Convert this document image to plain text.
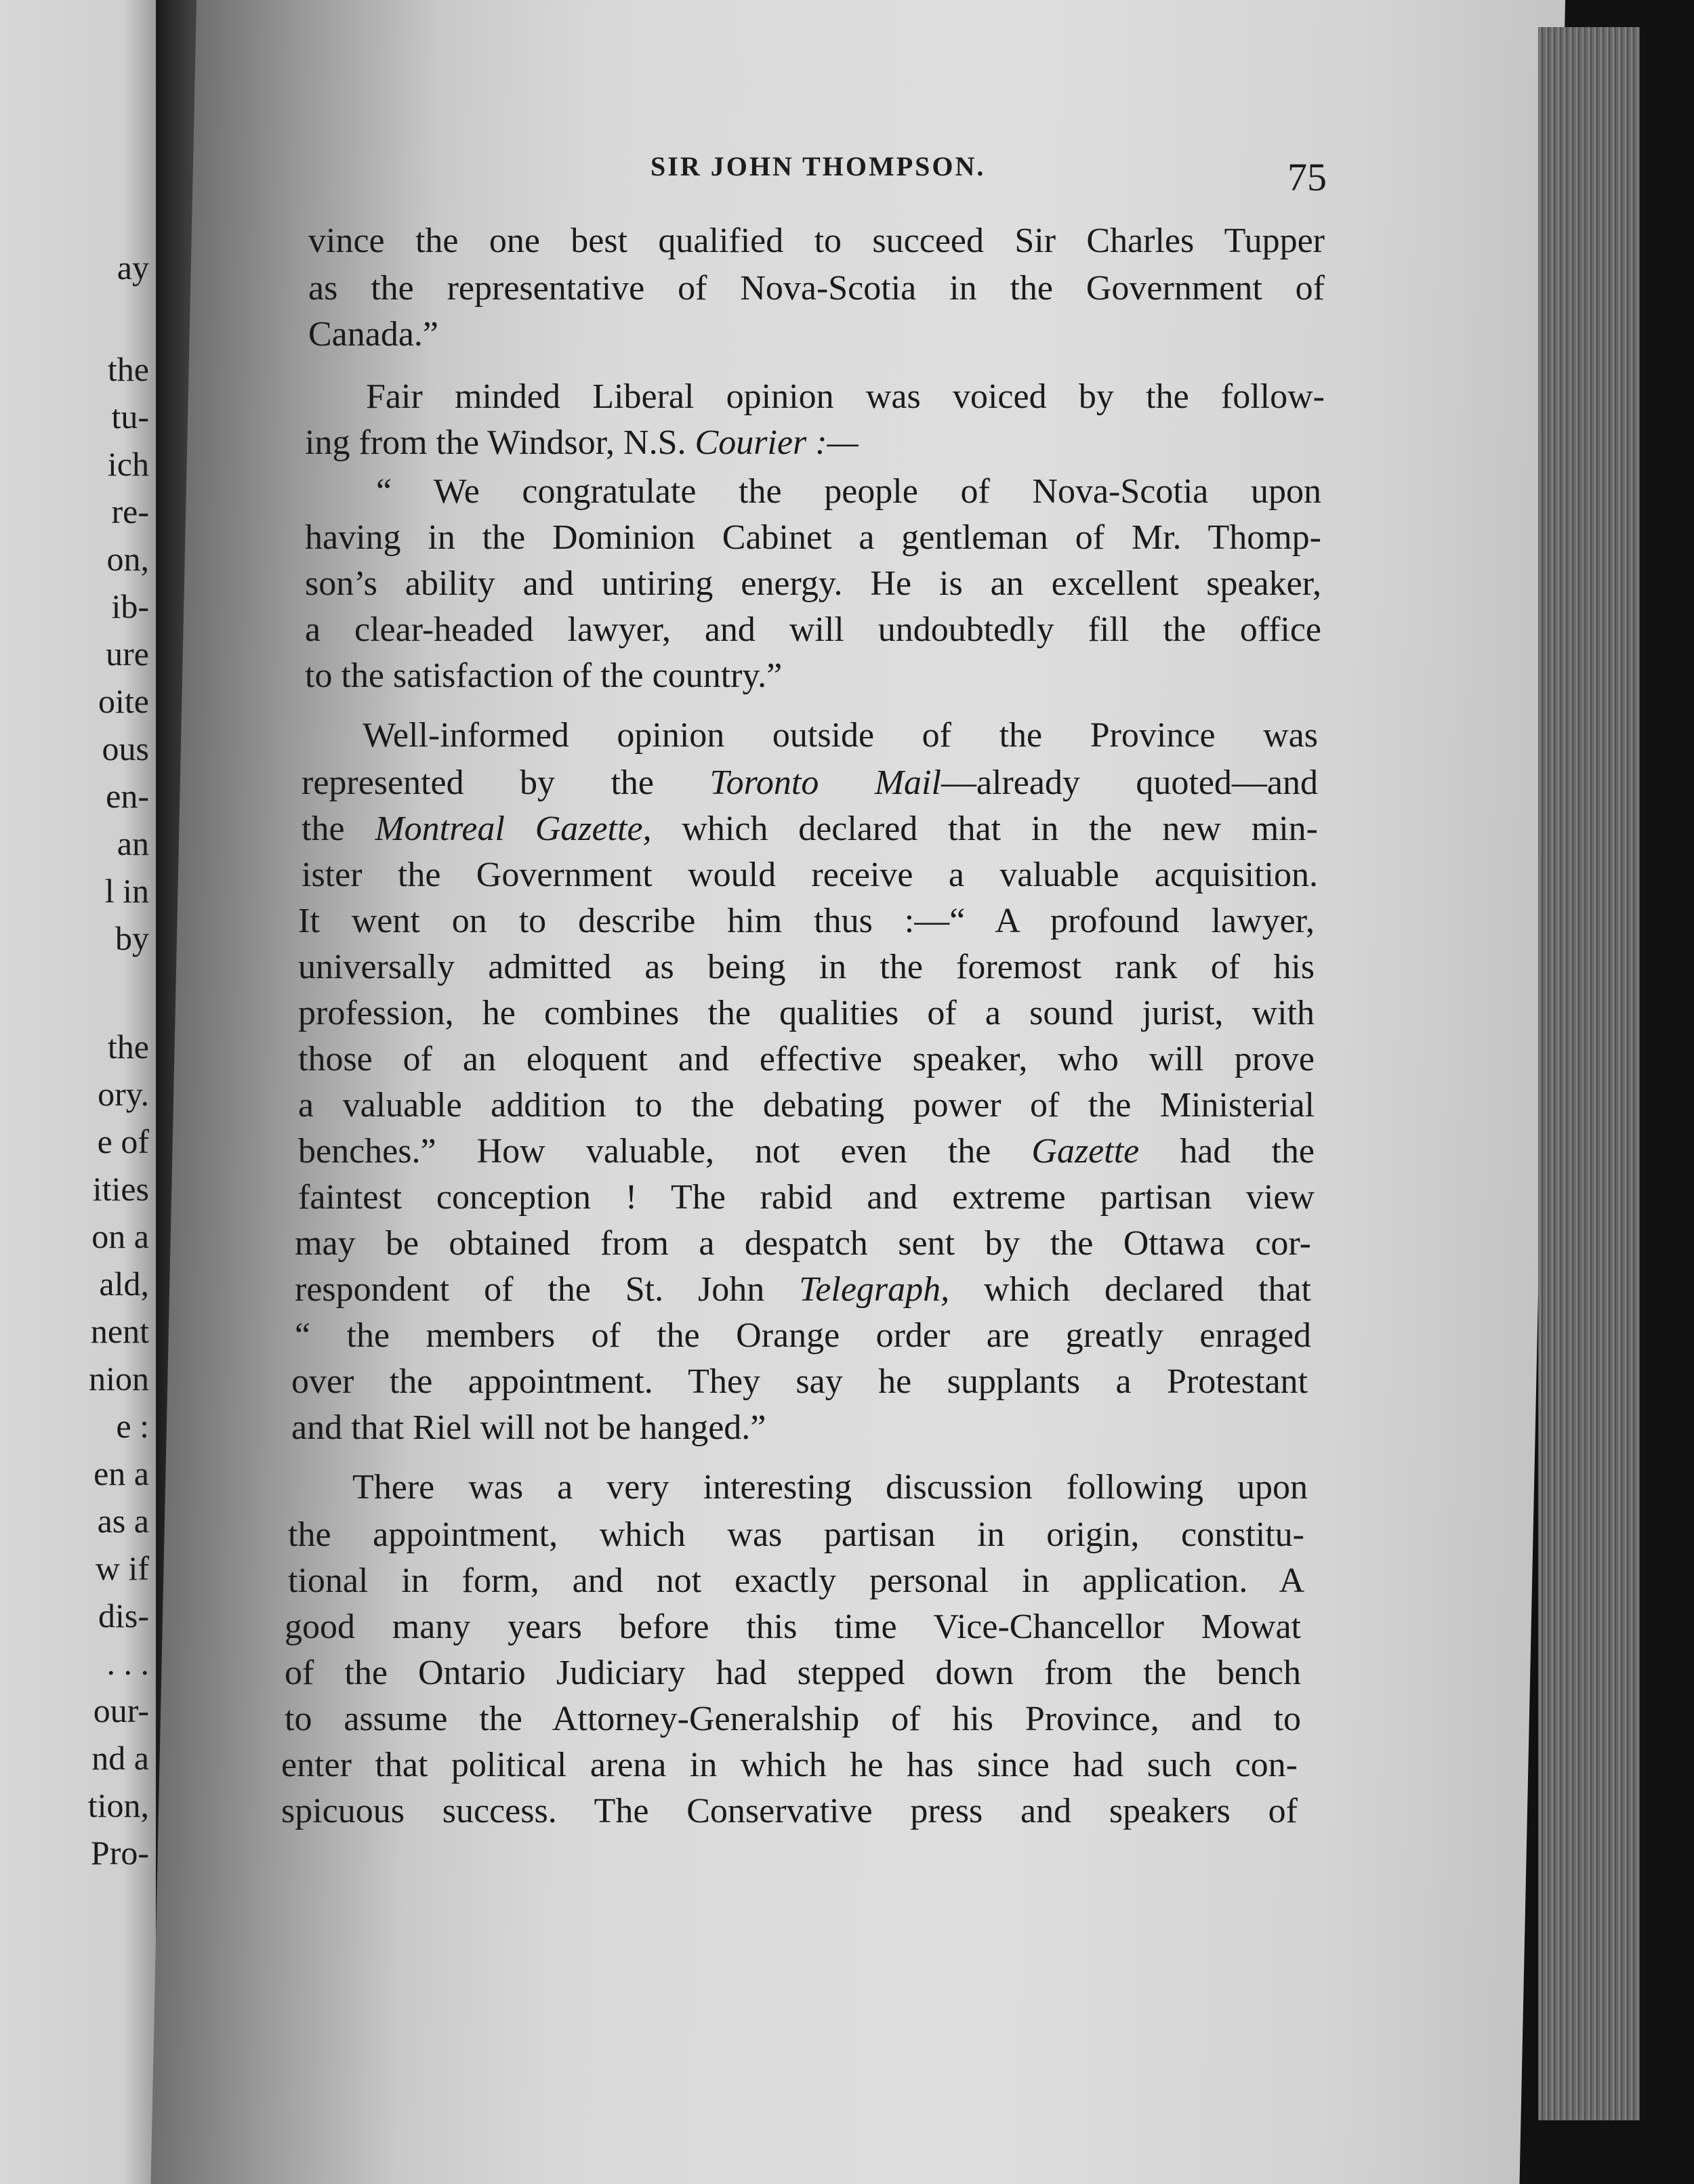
ay
the
tu-
ich
re-
on,
ib-
ure
oite
ous
en-
an
l in
by
the
ory.
e of
ities
on a
ald,
nent
nion
e :
en a
as a
w if
dis-
. . .
our-
nd a
tion,
Pro-
SIR JOHN THOMPSON.	75
vince the one best qualified to succeed Sir Charles Tupper
as the representative of Nova-Scotia in the Government of
Canada.”
Fair minded Liberal opinion was voiced by the follow-
ing from the Windsor, N.S. Courier :—
“ We congratulate the people of Nova-Scotia upon
having in the Dominion Cabinet a gentleman of Mr. Thomp-
son’s ability and untiring energy. He is an excellent speaker,
a clear-headed lawyer, and will undoubtedly fill the office
to the satisfaction of the country.”
Well-informed opinion outside of the Province was
represented by the Toronto Mail—already quoted—and
the Montreal Gazette, which declared that in the new min-
ister the Government would receive a valuable acquisition.
It went on to describe him thus :—“ A profound lawyer,
universally admitted as being in the foremost rank of his
profession, he combines the qualities of a sound jurist, with
those of an eloquent and effective speaker, who will prove
a valuable addition to the debating power of the Ministerial
benches.” How valuable, not even the Gazette had the
faintest conception ! The rabid and extreme partisan view
may be obtained from a despatch sent by the Ottawa cor-
respondent of the St. John Telegraph, which declared that
“ the members of the Orange order are greatly enraged
over the appointment. They say he supplants a Protestant
and that Riel will not be hanged.”
There was a very interesting discussion following upon
the appointment, which was partisan in origin, constitu-
tional in form, and not exactly personal in application. A
good many years before this time Vice-Chancellor Mowat
of the Ontario Judiciary had stepped down from the bench
to assume the Attorney-Generalship of his Province, and to
enter that political arena in which he has since had such con-
spicuous success. The Conservative press and speakers of
